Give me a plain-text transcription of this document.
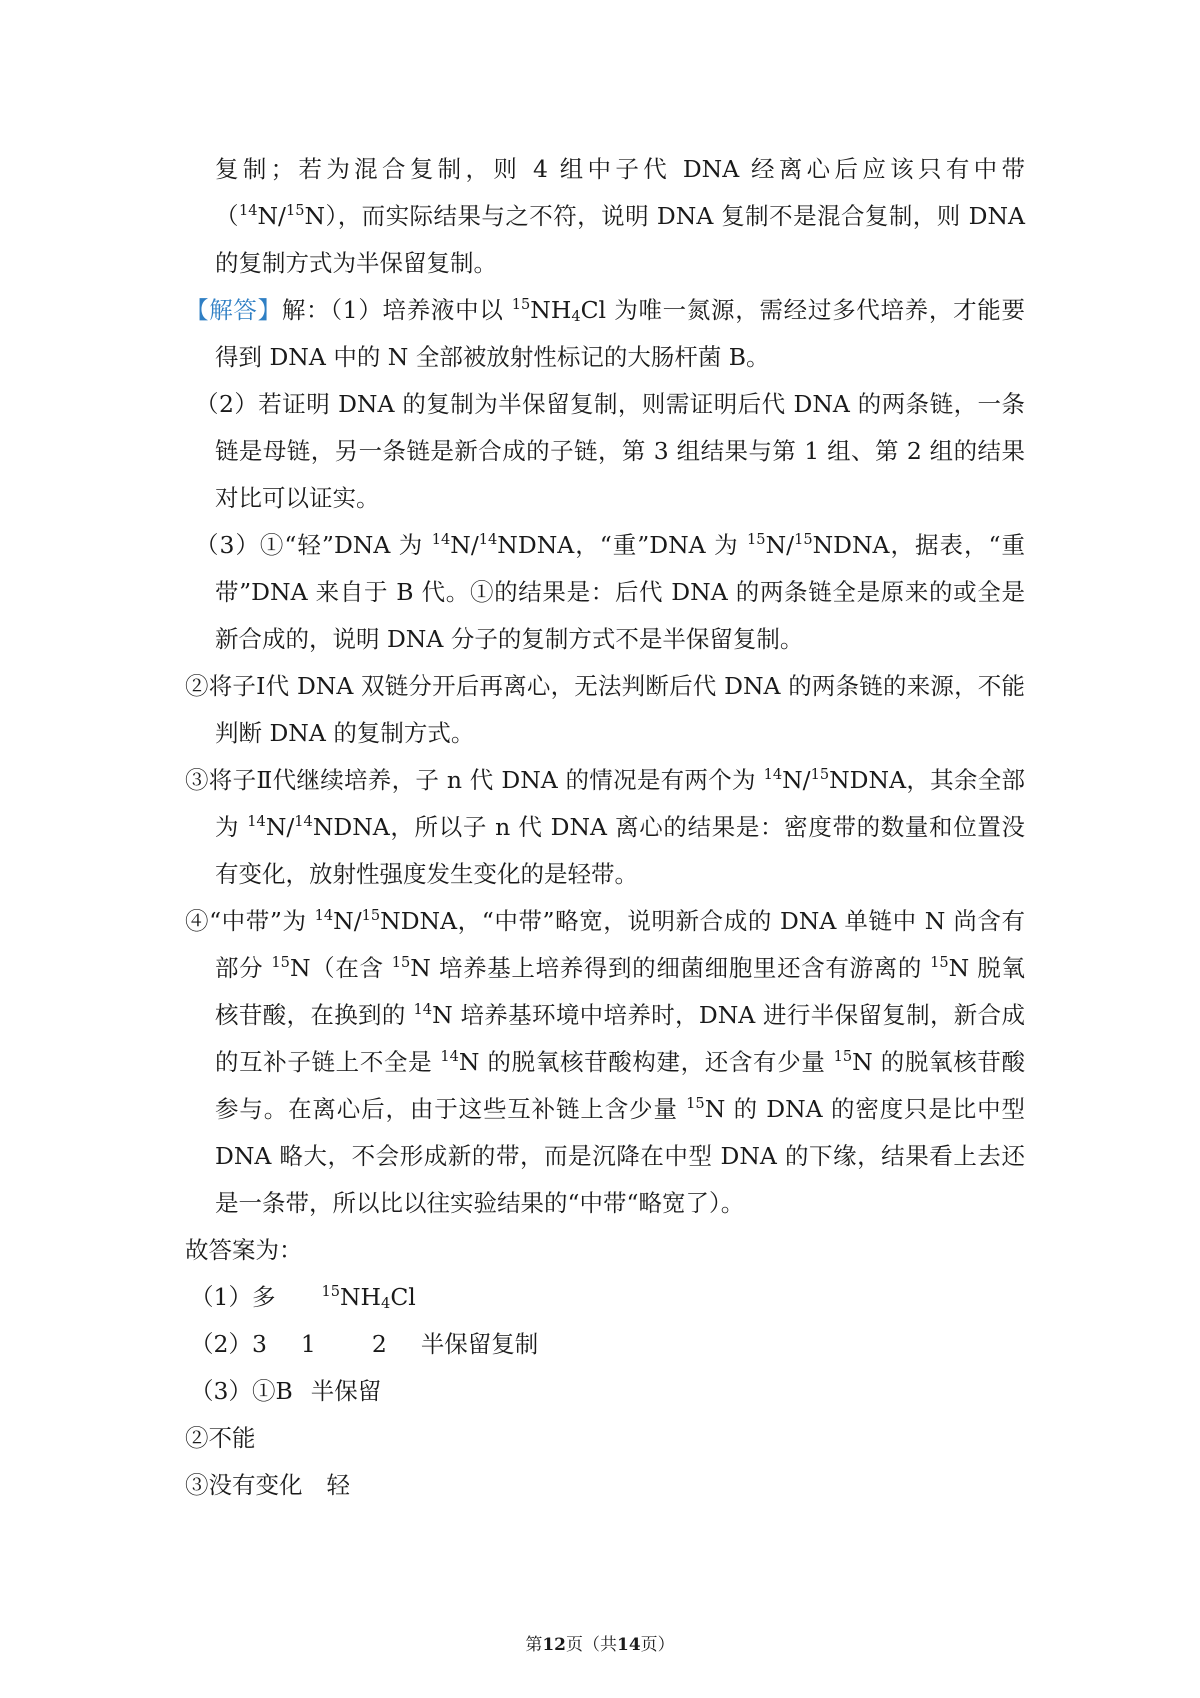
复制；若为混合复制，则 4 组中子代 DNA 经离心后应该只有中带（$^{14}$N/$^{15}$N），而实际结果与之不符，说明 DNA 复制不是混合复制，则 DNA 的复制方式为半保留复制。

【解答】解：（1）培养液中以 $^{15}NH_4Cl$ 为唯一氮源，需经过多代培养，才能要得到 DNA 中的 N 全部被放射性标记的大肠杆菌 B。

（2）若证明 DNA 的复制为半保留复制，则需证明后代 DNA 的两条链，一条链是母链，另一条链是新合成的子链，第 3 组结果与第 1 组、第 2 组的结果对比可以证实。

（3）①“轻”DNA 为 $^{14}$N/$^{14}$NDNA，“重”DNA 为 $^{15}$N/$^{15}$NDNA，据表，“重带”DNA 来自于 B 代。①的结果是：后代 DNA 的两条链全是原来的或全是新合成的，说明 DNA 分子的复制方式不是半保留复制。

②将子Ⅰ代 DNA 双链分开后再离心，无法判断后代 DNA 的两条链的来源，不能判断 DNA 的复制方式。

③将子Ⅱ代继续培养，子 n 代 DNA 的情况是有两个为 $^{14}$N/$^{15}$NDNA，其余全部为 $^{14}$N/$^{14}$NDNA，所以子 n 代 DNA 离心的结果是：密度带的数量和位置没有变化，放射性强度发生变化的是轻带。

④“中带”为 $^{14}$N/$^{15}$NDNA，“中带”略宽，说明新合成的 DNA 单链中 N 尚含有部分 $^{15}$N（在含 $^{15}$N 培养基上培养得到的细菌细胞里还含有游离的 $^{15}$N 脱氧核苷酸，在换到的 $^{14}$N 培养基环境中培养时，DNA 进行半保留复制，新合成的互补子链上不全是 $^{14}$N 的脱氧核苷酸构建，还含有少量 $^{15}$N 的脱氧核苷酸参与。在离心后，由于这些互补链上含少量 $^{15}$N 的 DNA 的密度只是比中型 DNA 略大，不会形成新的带，而是沉降在中型 DNA 的下缘，结果看上去还是一条带，所以比以往实验结果的“中带“略宽了）。

故答案为：

（1）多	$^{15}NH_4Cl$
（2）3 1 2 半保留复制
（3）①B 半保留
②不能
③没有变化 轻
第12页（共14页）
